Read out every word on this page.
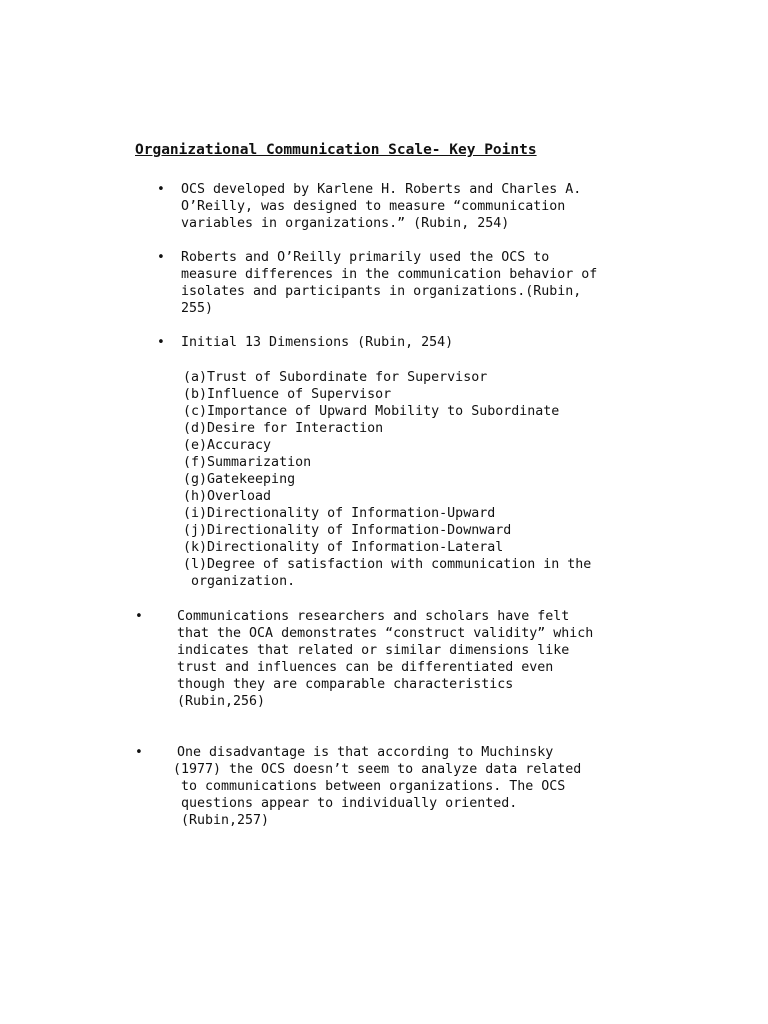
Organizational Communication Scale- Key Points
• OCS developed by Karlene H. Roberts and Charles A.
O’Reilly, was designed to measure “communication
variables in organizations.” (Rubin, 254)
• Roberts and O’Reilly primarily used the OCS to
measure differences in the communication behavior of
isolates and participants in organizations.(Rubin,
255)
• Initial 13 Dimensions (Rubin, 254)
(a)Trust of Subordinate for Supervisor
(b)Influence of Supervisor
(c)Importance of Upward Mobility to Subordinate
(d)Desire for Interaction
(e)Accuracy
(f)Summarization
(g)Gatekeeping
(h)Overload
(i)Directionality of Information-Upward
(j)Directionality of Information-Downward
(k)Directionality of Information-Lateral
(l)Degree of satisfaction with communication in the
organization.
•	Communications researchers and scholars have felt
that the OCA demonstrates “construct validity” which
indicates that related or similar dimensions like
trust and influences can be differentiated even
though they are comparable characteristics
(Rubin,256)
•	One disadvantage is that according to Muchinsky
(1977) the OCS doesn’t seem to analyze data related
to communications between organizations. The OCS
questions appear to individually oriented.
(Rubin,257)
